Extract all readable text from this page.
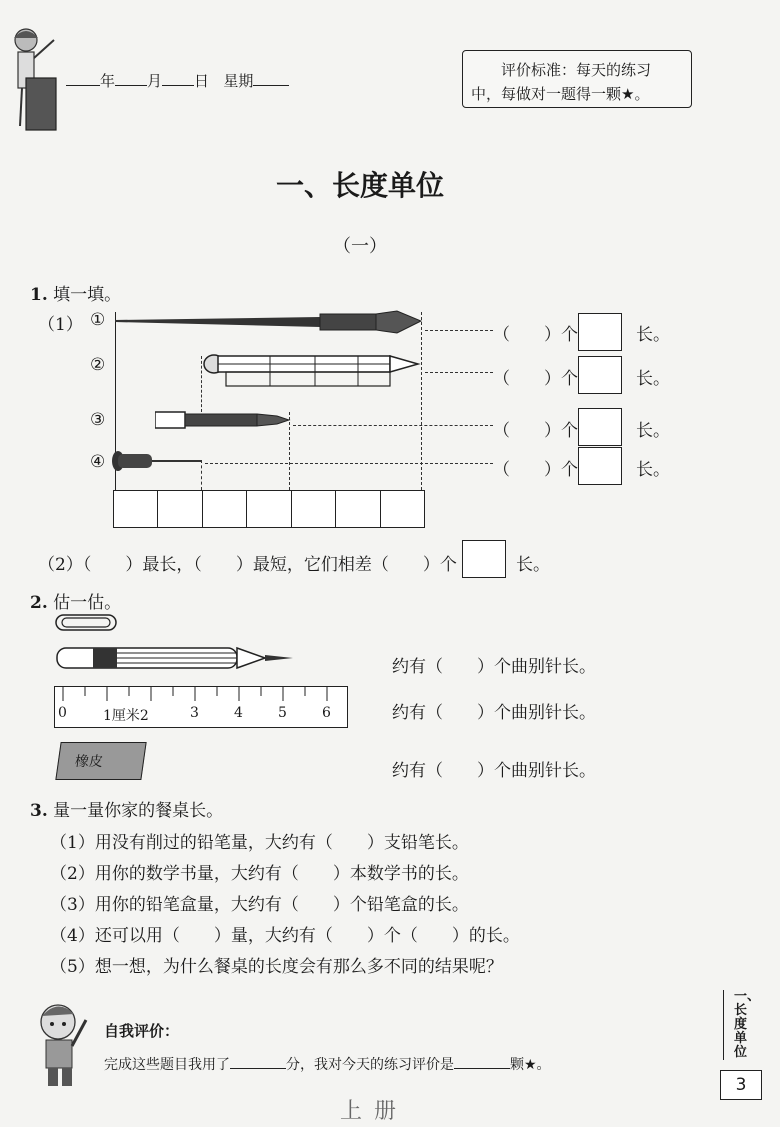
年 月 日 星期
评价标准：每天的练习
中，每做对一题得一颗★。
一、长度单位
（一）
1. 填一填。
（1） ①
②
③
④
（　　）个	长。
（　　）个	长。
（　　）个	长。
（　　）个	长。
（2）（　　）最长，（　　）最短，它们相差（　　）个	长。
2. 估一估。
0	1厘米2	3	4	5	6
橡皮
约有（　　）个曲别针长。
约有（　　）个曲别针长。
约有（　　）个曲别针长。
3. 量一量你家的餐桌长。
（1）用没有削过的铅笔量，大约有（　　）支铅笔长。
（2）用你的数学书量，大约有（　　）本数学书的长。
（3）用你的铅笔盒量，大约有（　　）个铅笔盒的长。
（4）还可以用（　　）量，大约有（　　）个（　　）的长。
（5）想一想，为什么餐桌的长度会有那么多不同的结果呢？
自我评价：
完成这些题目我用了	分，我对今天的练习评价是	颗★。
一、长度单位
3
上册
